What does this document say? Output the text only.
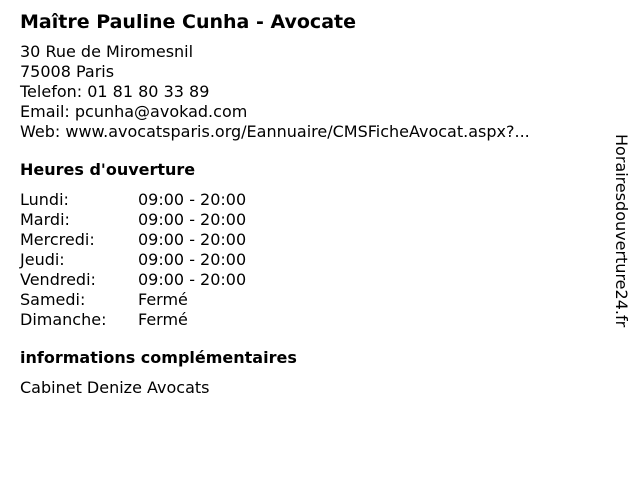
Maître Pauline Cunha - Avocate
30 Rue de Miromesnil
75008 Paris
Telefon: 01 81 80 33 89
Email: pcunha@avokad.com
Web: www.avocatsparis.org/Eannuaire/CMSFicheAvocat.aspx?...
Heures d'ouverture
Lundi:	09:00 - 20:00
Mardi:	09:00 - 20:00
Mercredi:	09:00 - 20:00
Jeudi:	09:00 - 20:00
Vendredi:	09:00 - 20:00
Samedi:	Fermé
Dimanche:	Fermé
informations complémentaires
Cabinet Denize Avocats
Horairesdouverture24.fr
